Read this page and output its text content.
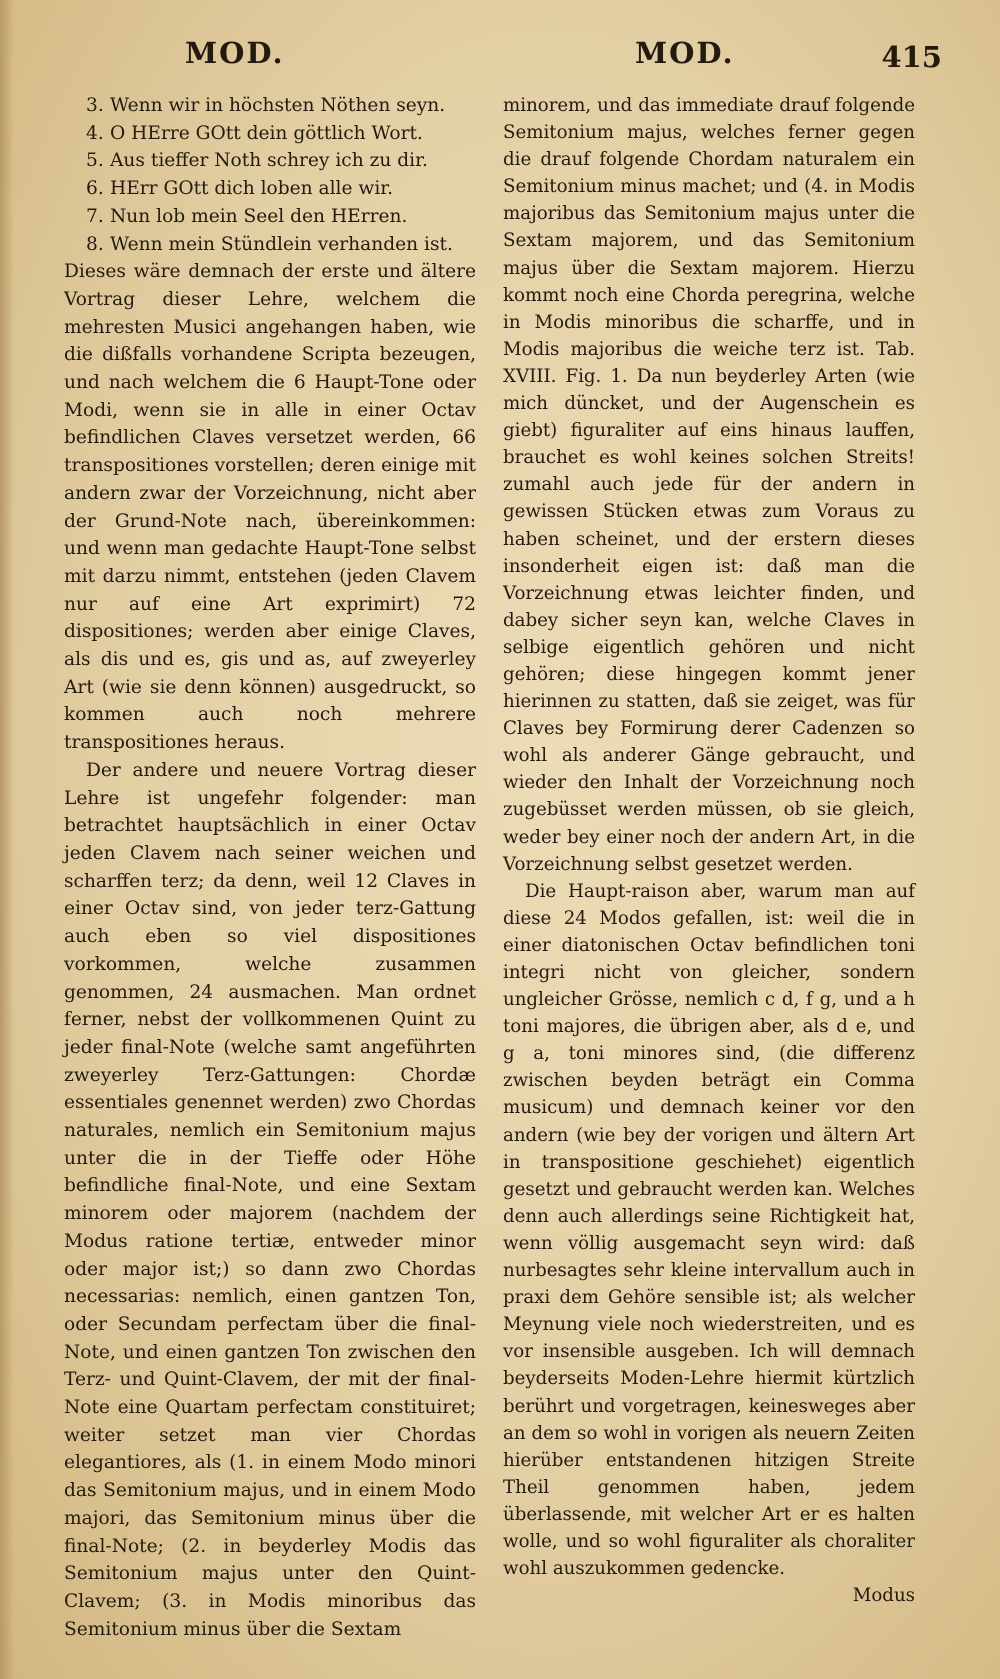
MOD.	MOD.	415
3. Wenn wir in höchsten Nöthen seyn.
4. O HErre GOtt dein göttlich Wort.
5. Aus tieffer Noth schrey ich zu dir.
6. HErr GOtt dich loben alle wir.
7. Nun lob mein Seel den HErren.
8. Wenn mein Stündlein verhanden ist.

Dieses wäre demnach der erste und ältere Vortrag dieser Lehre, welchem die mehresten Musici angehangen haben, wie die dißfalls vorhandene Scripta bezeugen, und nach welchem die 6 Haupt-Tone oder Modi, wenn sie in alle in einer Octav befindlichen Claves versetzet werden, 66 transpositiones vorstellen; deren einige mit andern zwar der Vorzeichnung, nicht aber der Grund-Note nach, übereinkommen: und wenn man gedachte Haupt-Tone selbst mit darzu nimmt, entstehen (jeden Clavem nur auf eine Art exprimirt) 72 dispositiones; werden aber einige Claves, als dis und es, gis und as, auf zweyerley Art (wie sie denn können) ausgedruckt, so kommen auch noch mehrere transpositiones heraus.

Der andere und neuere Vortrag dieser Lehre ist ungefehr folgender: man betrachtet hauptsächlich in einer Octav jeden Clavem nach seiner weichen und scharffen terz; da denn, weil 12 Claves in einer Octav sind, von jeder terz-Gattung auch eben so viel dispositiones vorkommen, welche zusammen genommen, 24 ausmachen. Man ordnet ferner, nebst der vollkommenen Quint zu jeder final-Note (welche samt angeführten zweyerley Terz-Gattungen: Chordæ essentiales genennet werden) zwo Chordas naturales, nemlich ein Semitonium majus unter die in der Tieffe oder Höhe befindliche final-Note, und eine Sextam minorem oder majorem (nachdem der Modus ratione tertiæ, entweder minor oder major ist;) so dann zwo Chordas necessarias: nemlich, einen gantzen Ton, oder Secundam perfectam über die final-Note, und einen gantzen Ton zwischen den Terz- und Quint-Clavem, der mit der final-Note eine Quartam perfectam constituiret; weiter setzet man vier Chordas elegantiores, als (1. in einem Modo minori das Semitonium majus, und in einem Modo majori, das Semitonium minus über die final-Note; (2. in beyderley Modis das Semitonium majus unter den Quint-Clavem; (3. in Modis minoribus das Semitonium minus über die Sextam

minorem, und das immediate drauf folgende Semitonium majus, welches ferner gegen die drauf folgende Chordam naturalem ein Semitonium minus machet; und (4. in Modis majoribus das Semitonium majus unter die Sextam majorem, und das Semitonium majus über die Sextam majorem. Hierzu kommt noch eine Chorda peregrina, welche in Modis minoribus die scharffe, und in Modis majoribus die weiche terz ist. Tab. XVIII. Fig. 1. Da nun beyderley Arten (wie mich düncket, und der Augenschein es giebt) figuraliter auf eins hinaus lauffen, brauchet es wohl keines solchen Streits! zumahl auch jede für der andern in gewissen Stücken etwas zum Voraus zu haben scheinet, und der erstern dieses insonderheit eigen ist: daß man die Vorzeichnung etwas leichter finden, und dabey sicher seyn kan, welche Claves in selbige eigentlich gehören und nicht gehören; diese hingegen kommt jener hierinnen zu statten, daß sie zeiget, was für Claves bey Formirung derer Cadenzen so wohl als anderer Gänge gebraucht, und wieder den Inhalt der Vorzeichnung noch zugebüsset werden müssen, ob sie gleich, weder bey einer noch der andern Art, in die Vorzeichnung selbst gesetzet werden.

Die Haupt-raison aber, warum man auf diese 24 Modos gefallen, ist: weil die in einer diatonischen Octav befindlichen toni integri nicht von gleicher, sondern ungleicher Grösse, nemlich c d, f g, und a h toni majores, die übrigen aber, als d e, und g a, toni minores sind, (die differenz zwischen beyden beträgt ein Comma musicum) und demnach keiner vor den andern (wie bey der vorigen und ältern Art in transpositione geschiehet) eigentlich gesetzt und gebraucht werden kan. Welches denn auch allerdings seine Richtigkeit hat, wenn völlig ausgemacht seyn wird: daß nurbesagtes sehr kleine intervallum auch in praxi dem Gehöre sensible ist; als welcher Meynung viele noch wiederstreiten, und es vor insensible ausgeben. Ich will demnach beyderseits Moden-Lehre hiermit kürtzlich berührt und vorgetragen, keinesweges aber an dem so wohl in vorigen als neuern Zeiten hierüber entstandenen hitzigen Streite Theil genommen haben, jedem überlassende, mit welcher Art er es halten wolle, und so wohl figuraliter als choraliter wohl auszukommen gedencke.

Modus
